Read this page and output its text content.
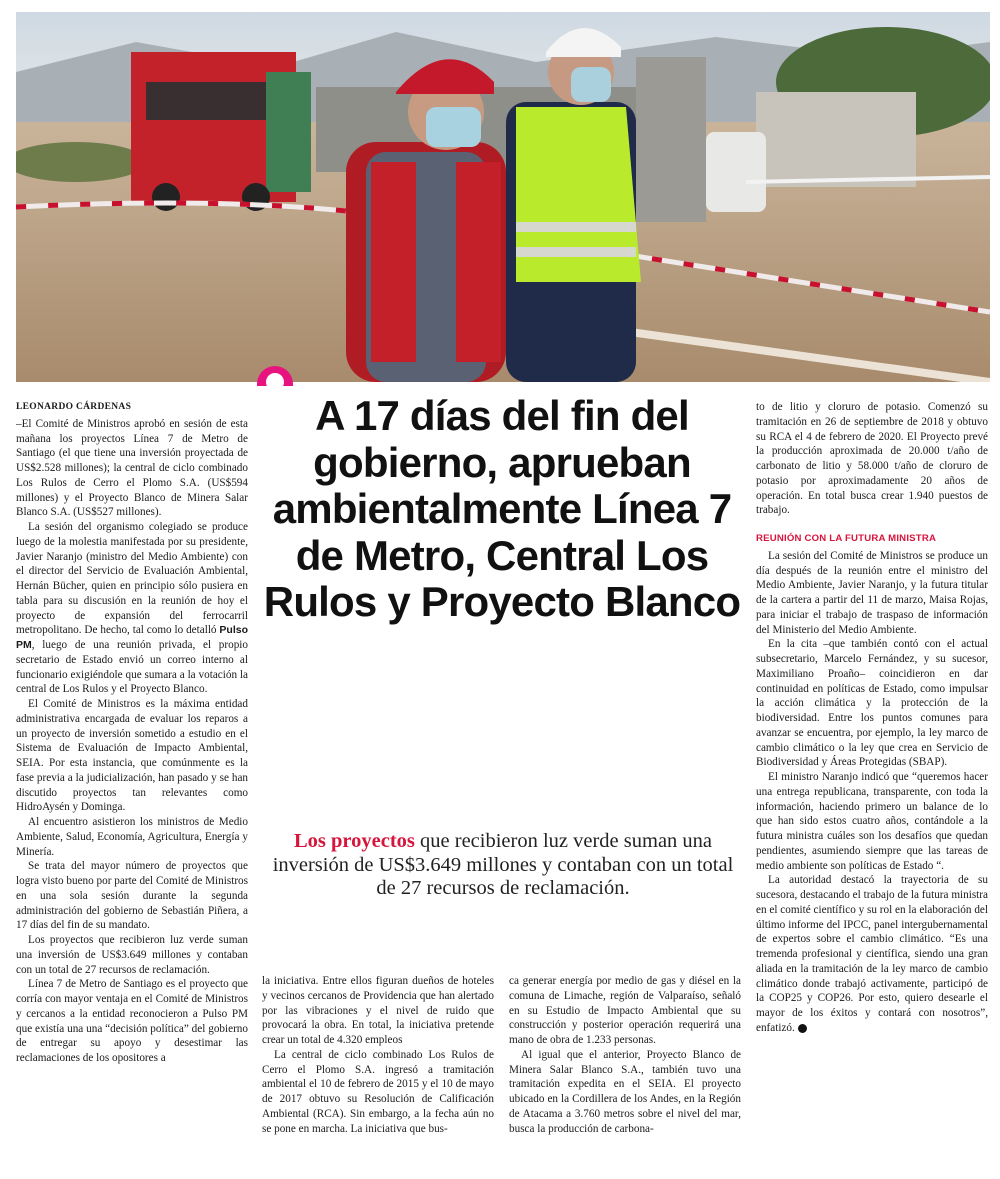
LEONARDO CÁRDENAS

–El Comité de Ministros aprobó en sesión de esta mañana los proyectos Línea 7 de Metro de Santiago (el que tiene una inversión proyectada de US$2.528 millones); la central de ciclo combinado Los Rulos de Cerro el Plomo S.A. (US$594 millones) y el Proyecto Blanco de Minera Salar Blanco S.A. (US$527 millones).

La sesión del organismo colegiado se produce luego de la molestia manifestada por su presidente, Javier Naranjo (ministro del Medio Ambiente) con el director del Servicio de Evaluación Ambiental, Hernán Bücher, quien en principio sólo pusiera en tabla para su discusión en la reunión de hoy el proyecto de expansión del ferrocarril metropolitano. De hecho, tal como lo detalló Pulso PM, luego de una reunión privada, el propio secretario de Estado envió un correo interno al funcionario exigiéndole que sumara a la votación la central de Los Rulos y el Proyecto Blanco.

El Comité de Ministros es la máxima entidad administrativa encargada de evaluar los reparos a un proyecto de inversión sometido a estudio en el Sistema de Evaluación de Impacto Ambiental, SEIA. Por esta instancia, que comúnmente es la fase previa a la judicialización, han pasado y se han discutido proyectos tan relevantes como HidroAysén y Dominga.

Al encuentro asistieron los ministros de Medio Ambiente, Salud, Economía, Agricultura, Energía y Minería.

Se trata del mayor número de proyectos que logra visto bueno por parte del Comité de Ministros en una sola sesión durante la segunda administración del gobierno de Sebastián Piñera, a 17 días del fin de su mandato.

Los proyectos que recibieron luz verde suman una inversión de US$3.649 millones y contaban con un total de 27 recursos de reclamación.

Línea 7 de Metro de Santiago es el proyecto que corría con mayor ventaja en el Comité de Ministros y cercanos a la entidad reconocieron a Pulso PM que existía una una “decisión política” del gobierno de entregar su apoyo y desestimar las reclamaciones de los opositores a

A 17 días del fin del gobierno, aprueban ambientalmente Línea 7 de Metro, Central Los Rulos y Proyecto Blanco

Los proyectos que recibieron luz verde suman una inversión de US$3.649 millones y contaban con un total de 27 recursos de reclamación.

la iniciativa. Entre ellos figuran dueños de hoteles y vecinos cercanos de Providencia que han alertado por las vibraciones y el nivel de ruido que provocará la obra. En total, la iniciativa pretende crear un total de 4.320 empleos

La central de ciclo combinado Los Rulos de Cerro el Plomo S.A. ingresó a tramitación ambiental el 10 de febrero de 2015 y el 10 de mayo de 2017 obtuvo su Resolución de Calificación Ambiental (RCA). Sin embargo, a la fecha aún no se pone en marcha. La iniciativa que bus-

ca generar energía por medio de gas y diésel en la comuna de Limache, región de Valparaíso, señaló en su Estudio de Impacto Ambiental que su construcción y posterior operación requerirá una mano de obra de 1.233 personas.

Al igual que el anterior, Proyecto Blanco de Minera Salar Blanco S.A., también tuvo una tramitación expedita en el SEIA. El proyecto ubicado en la Cordillera de los Andes, en la Región de Atacama a 3.760 metros sobre el nivel del mar, busca la producción de carbona-

to de litio y cloruro de potasio. Comenzó su tramitación en 26 de septiembre de 2018 y obtuvo su RCA el 4 de febrero de 2020. El Proyecto prevé la producción aproximada de 20.000 t/año de carbonato de litio y 58.000 t/año de cloruro de potasio por aproximadamente 20 años de operación. En total busca crear 1.940 puestos de trabajo.

REUNIÓN CON LA FUTURA MINISTRA

La sesión del Comité de Ministros se produce un día después de la reunión entre el ministro del Medio Ambiente, Javier Naranjo, y la futura titular de la cartera a partir del 11 de marzo, Maisa Rojas, para iniciar el trabajo de traspaso de información del Ministerio del Medio Ambiente.

En la cita –que también contó con el actual subsecretario, Marcelo Fernández, y su sucesor, Maximiliano Proaño– coincidieron en dar continuidad en políticas de Estado, como impulsar la acción climática y la protección de la biodiversidad. Entre los puntos comunes para avanzar se encuentra, por ejemplo, la ley marco de cambio climático o la ley que crea en Servicio de Biodiversidad y Áreas Protegidas (SBAP).

El ministro Naranjo indicó que “queremos hacer una entrega republicana, transparente, con toda la información, haciendo primero un balance de lo que han sido estos cuatro años, contándole a la futura ministra cuáles son los desafíos que quedan pendientes, asumiendo siempre que las tareas de medio ambiente son políticas de Estado “.

La autoridad destacó la trayectoria de su sucesora, destacando el trabajo de la futura ministra en el comité científico y su rol en la elaboración del último informe del IPCC, panel intergubernamental de expertos sobre el cambio climático. “Es una tremenda profesional y científica, siendo una gran aliada en la tramitación de la ley marco de cambio climático donde trabajó activamente, participó de la COP25 y COP26. Por esto, quiero desearle el mayor de los éxitos y contará con nosotros”, enfatizó. P
